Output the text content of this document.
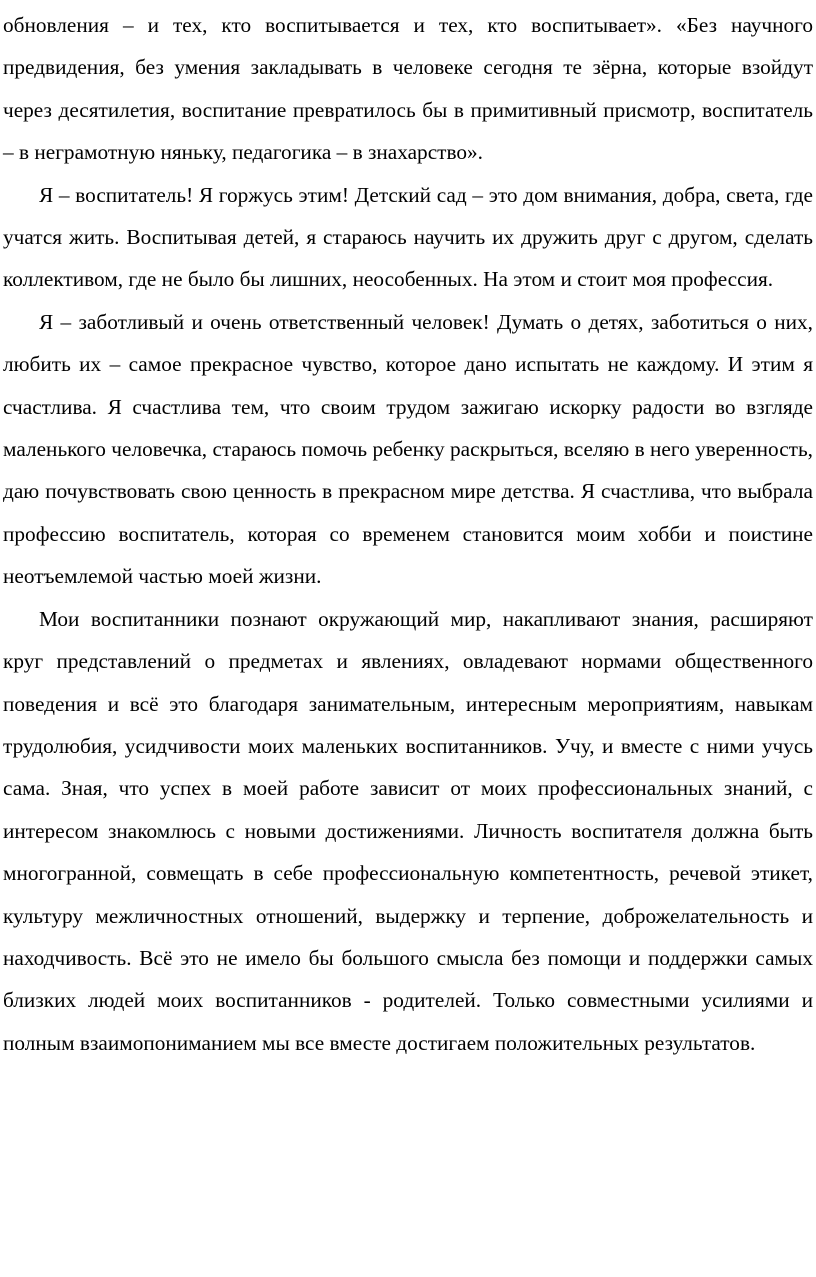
обновления – и тех, кто воспитывается и тех, кто воспитывает». «Без научного предвидения, без умения закладывать в человеке сегодня те зёрна, которые взойдут через десятилетия, воспитание превратилось бы в примитивный присмотр, воспитатель – в неграмотную няньку, педагогика – в знахарство».

Я – воспитатель! Я горжусь этим! Детский сад – это дом внимания, добра, света, где учатся жить. Воспитывая детей, я стараюсь научить их дружить друг с другом, сделать коллективом, где не было бы лишних, неособенных. На этом и стоит моя профессия.

Я – заботливый и очень ответственный человек! Думать о детях, заботиться о них, любить их – самое прекрасное чувство, которое дано испытать не каждому. И этим я счастлива. Я счастлива тем, что своим трудом зажигаю искорку радости во взгляде маленького человечка, стараюсь помочь ребенку раскрыться, вселяю в него уверенность, даю почувствовать свою ценность в прекрасном мире детства. Я счастлива, что выбрала профессию воспитатель, которая со временем становится моим хобби и поистине неотъемлемой частью моей жизни.

Мои воспитанники познают окружающий мир, накапливают знания, расширяют круг представлений о предметах и явлениях, овладевают нормами общественного поведения и всё это благодаря занимательным, интересным мероприятиям, навыкам трудолюбия, усидчивости моих маленьких воспитанников. Учу, и вместе с ними учусь сама. Зная, что успех в моей работе зависит от моих профессиональных знаний, с интересом знакомлюсь с новыми достижениями. Личность воспитателя должна быть многогранной, совмещать в себе профессиональную компетентность, речевой этикет, культуру межличностных отношений, выдержку и терпение, доброжелательность и находчивость. Всё это не имело бы большого смысла без помощи и поддержки самых близких людей моих воспитанников - родителей. Только совместными усилиями и полным взаимопониманием мы все вместе достигаем положительных результатов.
